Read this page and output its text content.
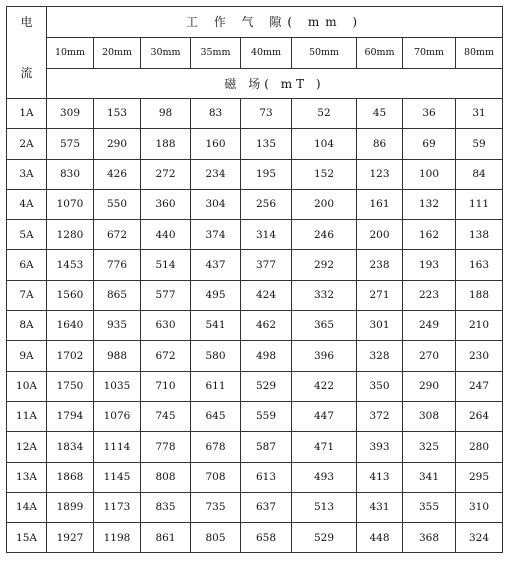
电
流	工 作 气 隙( mm )								
	10mm	20mm	30mm	35mm	40mm	50mm	60mm	70mm	80mm
	磁 场( mT )								
1A	309	153	98	83	73	52	45	36	31
2A	575	290	188	160	135	104	86	69	59
3A	830	426	272	234	195	152	123	100	84
4A	1070	550	360	304	256	200	161	132	111
5A	1280	672	440	374	314	246	200	162	138
6A	1453	776	514	437	377	292	238	193	163
7A	1560	865	577	495	424	332	271	223	188
8A	1640	935	630	541	462	365	301	249	210
9A	1702	988	672	580	498	396	328	270	230
10A	1750	1035	710	611	529	422	350	290	247
11A	1794	1076	745	645	559	447	372	308	264
12A	1834	1114	778	678	587	471	393	325	280
13A	1868	1145	808	708	613	493	413	341	295
14A	1899	1173	835	735	637	513	431	355	310
15A	1927	1198	861	805	658	529	448	368	324
